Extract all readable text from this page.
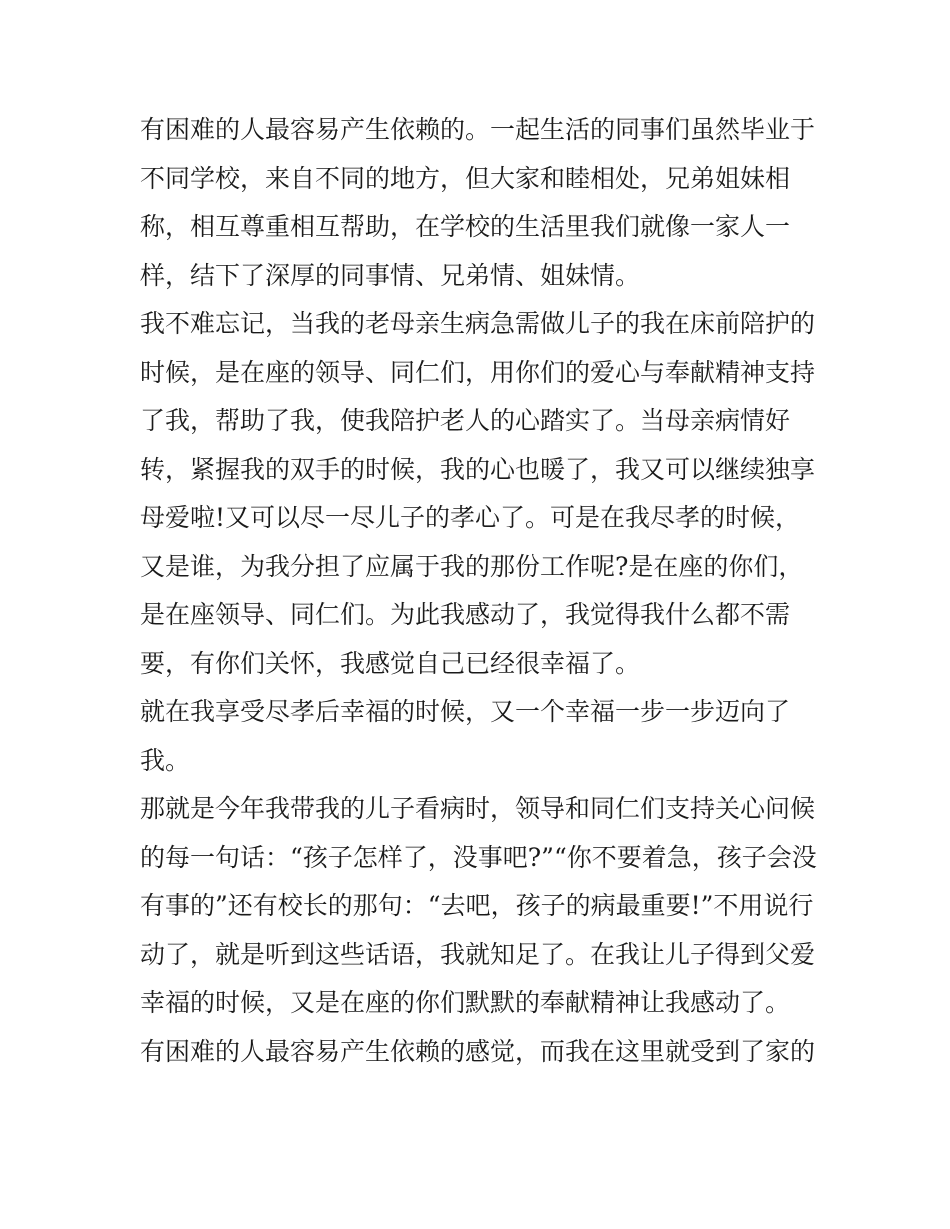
有困难的人最容易产生依赖的。一起生活的同事们虽然毕业于
不同学校，来自不同的地方，但大家和睦相处，兄弟姐妹相
称，相互尊重相互帮助，在学校的生活里我们就像一家人一
样，结下了深厚的同事情、兄弟情、姐妹情。
我不难忘记，当我的老母亲生病急需做儿子的我在床前陪护的
时候，是在座的领导、同仁们，用你们的爱心与奉献精神支持
了我，帮助了我，使我陪护老人的心踏实了。当母亲病情好
转，紧握我的双手的时候，我的心也暖了，我又可以继续独享
母爱啦!又可以尽一尽儿子的孝心了。可是在我尽孝的时候，
又是谁，为我分担了应属于我的那份工作呢?是在座的你们，
是在座领导、同仁们。为此我感动了，我觉得我什么都不需
要，有你们关怀，我感觉自己已经很幸福了。
就在我享受尽孝后幸福的时候，又一个幸福一步一步迈向了
我。
那就是今年我带我的儿子看病时，领导和同仁们支持关心问候
的每一句话：“孩子怎样了，没事吧?”“你不要着急，孩子会没
有事的”还有校长的那句：“去吧，孩子的病最重要!”不用说行
动了，就是听到这些话语，我就知足了。在我让儿子得到父爱
幸福的时候，又是在座的你们默默的奉献精神让我感动了。
有困难的人最容易产生依赖的感觉，而我在这里就受到了家的
